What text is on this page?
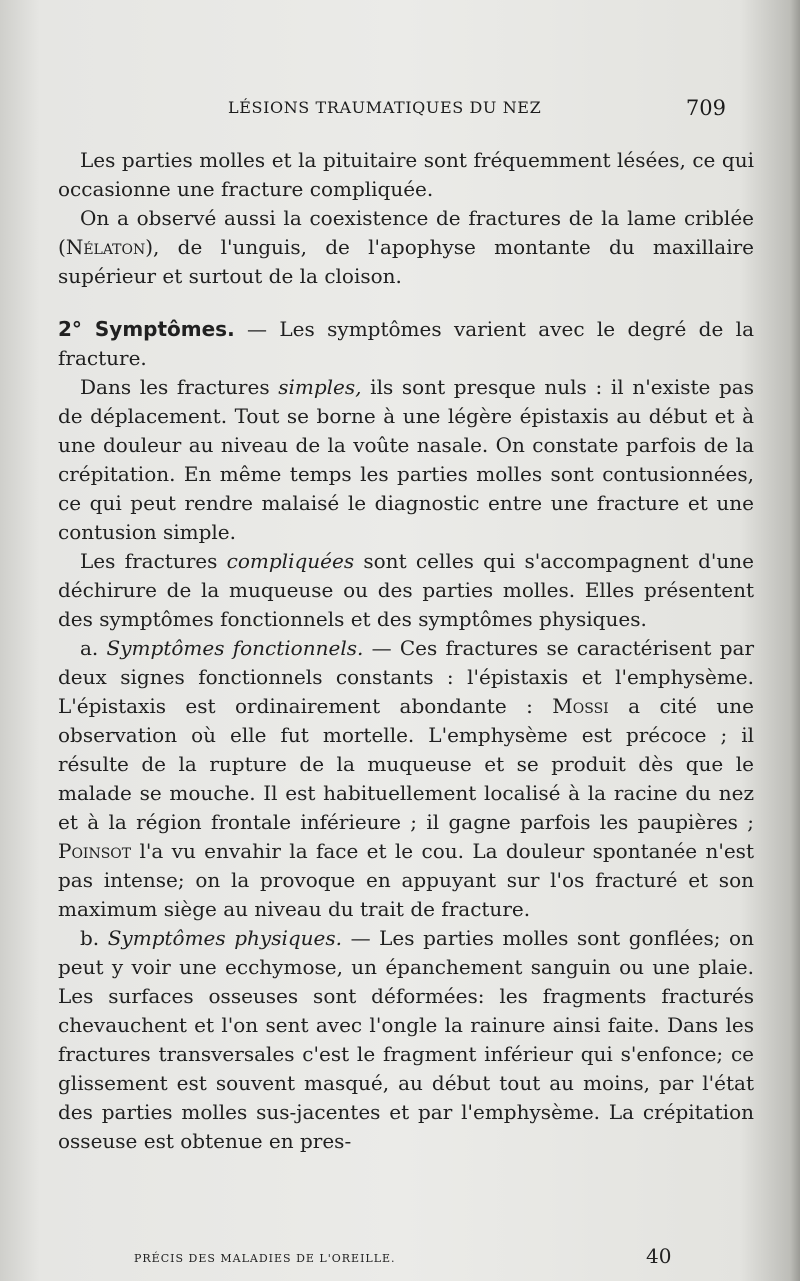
LÉSIONS TRAUMATIQUES DU NEZ	709

Les parties molles et la pituitaire sont fréquemment lésées, ce qui occasionne une fracture compliquée.

On a observé aussi la coexistence de fractures de la lame criblée (Nélaton), de l'unguis, de l'apophyse montante du maxillaire supérieur et surtout de la cloison.

2° Symptômes. — Les symptômes varient avec le degré de la fracture.

Dans les fractures simples, ils sont presque nuls : il n'existe pas de déplacement. Tout se borne à une légère épistaxis au début et à une douleur au niveau de la voûte nasale. On constate parfois de la crépitation. En même temps les parties molles sont contusionnées, ce qui peut rendre malaisé le diagnostic entre une fracture et une contusion simple.

Les fractures compliquées sont celles qui s'accompagnent d'une déchirure de la muqueuse ou des parties molles. Elles présentent des symptômes fonctionnels et des symptômes physiques.

a. Symptômes fonctionnels. — Ces fractures se caractérisent par deux signes fonctionnels constants : l'épistaxis et l'emphysème. L'épistaxis est ordinairement abondante : Mossi a cité une observation où elle fut mortelle. L'emphysème est précoce ; il résulte de la rupture de la muqueuse et se produit dès que le malade se mouche. Il est habituellement localisé à la racine du nez et à la région frontale inférieure ; il gagne parfois les paupières ; Poinsot l'a vu envahir la face et le cou. La douleur spontanée n'est pas intense; on la provoque en appuyant sur l'os fracturé et son maximum siège au niveau du trait de fracture.

b. Symptômes physiques. — Les parties molles sont gonflées; on peut y voir une ecchymose, un épanchement sanguin ou une plaie. Les surfaces osseuses sont déformées: les fragments fracturés chevauchent et l'on sent avec l'ongle la rainure ainsi faite. Dans les fractures transversales c'est le fragment inférieur qui s'enfonce; ce glissement est souvent masqué, au début tout au moins, par l'état des parties molles sus-jacentes et par l'emphysème. La crépitation osseuse est obtenue en pres-

PRÉCIS DES MALADIES DE L'OREILLE.	40
